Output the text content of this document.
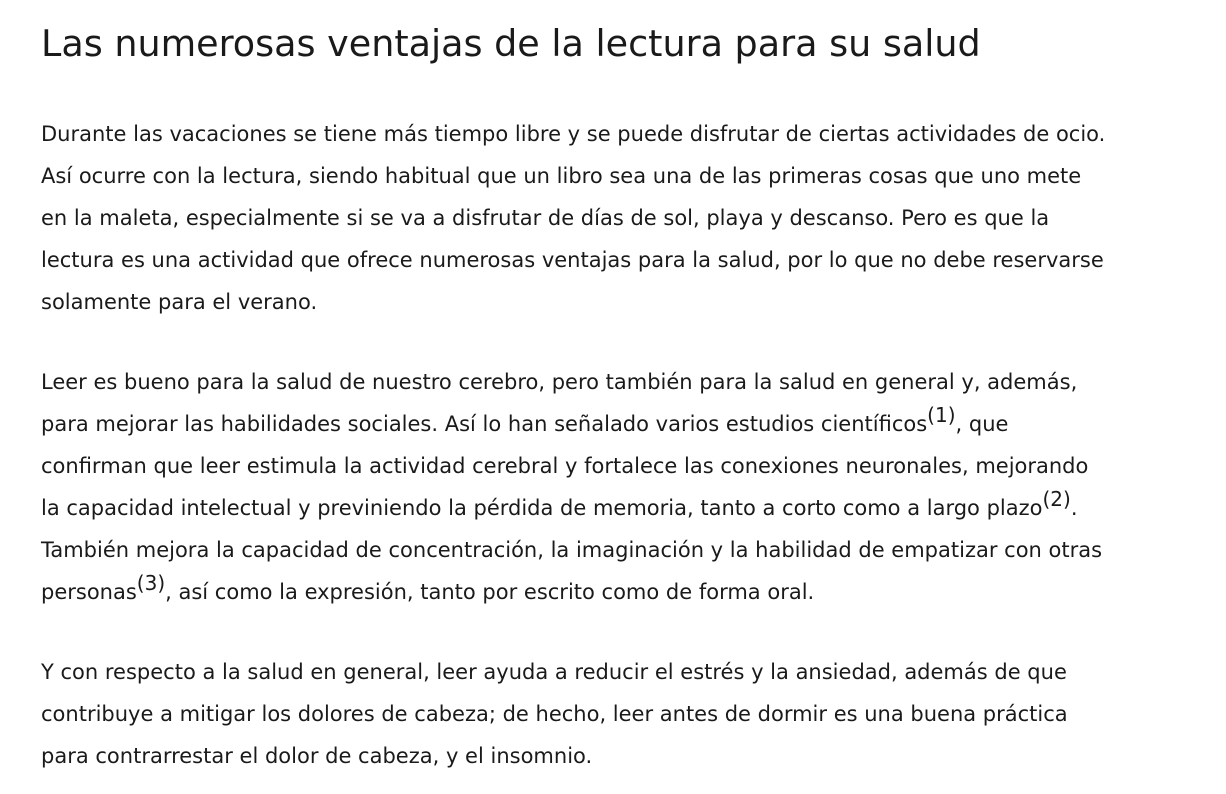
Las numerosas ventajas de la lectura para su salud

Durante las vacaciones se tiene más tiempo libre y se puede disfrutar de ciertas actividades de ocio.
Así ocurre con la lectura, siendo habitual que un libro sea una de las primeras cosas que uno mete
en la maleta, especialmente si se va a disfrutar de días de sol, playa y descanso. Pero es que la
lectura es una actividad que ofrece numerosas ventajas para la salud, por lo que no debe reservarse
solamente para el verano.

Leer es bueno para la salud de nuestro cerebro, pero también para la salud en general y, además,
para mejorar las habilidades sociales. Así lo han señalado varios estudios científicos$^{(1)}$, que
confirman que leer estimula la actividad cerebral y fortalece las conexiones neuronales, mejorando
la capacidad intelectual y previniendo la pérdida de memoria, tanto a corto como a largo plazo$^{(2)}$.
También mejora la capacidad de concentración, la imaginación y la habilidad de empatizar con otras
personas$^{(3)}$, así como la expresión, tanto por escrito como de forma oral.

Y con respecto a la salud en general, leer ayuda a reducir el estrés y la ansiedad, además de que
contribuye a mitigar los dolores de cabeza; de hecho, leer antes de dormir es una buena práctica
para contrarrestar el dolor de cabeza, y el insomnio.
